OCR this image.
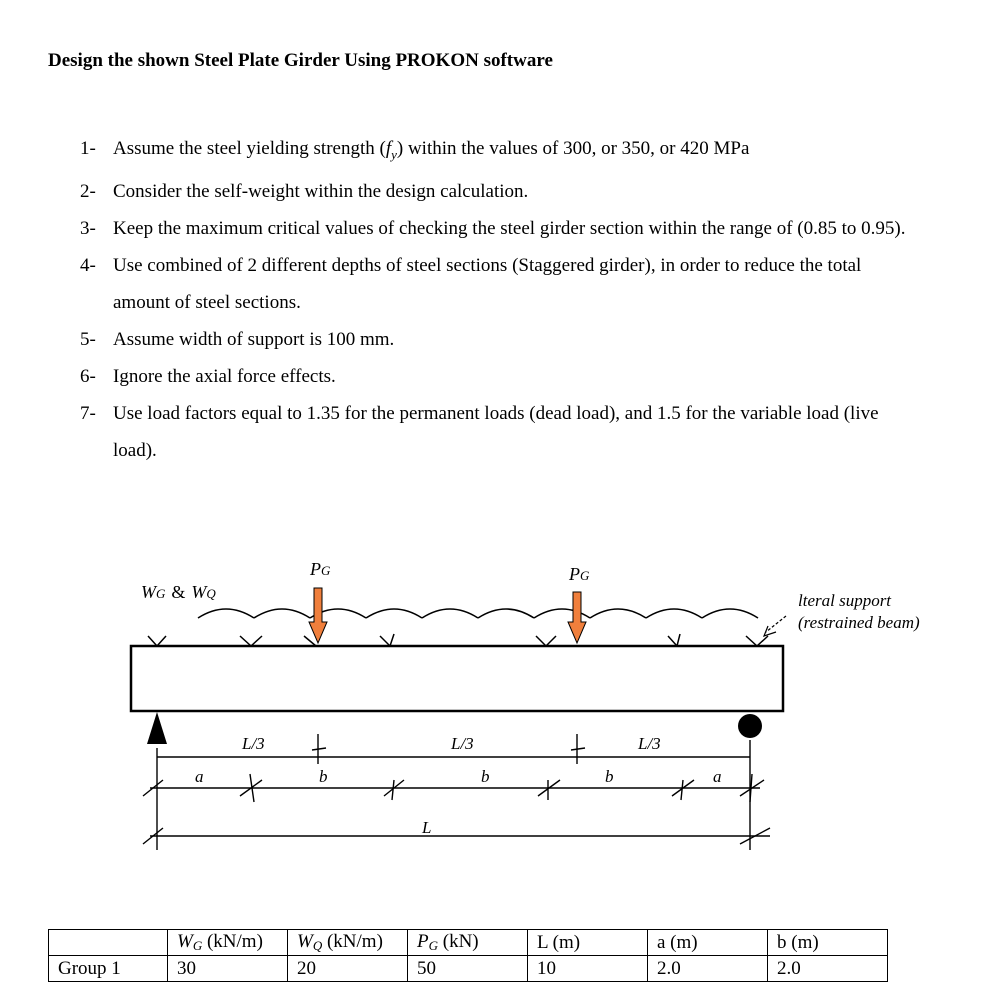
Design the shown Steel Plate Girder Using PROKON software
1- Assume the steel yielding strength $(f_y)$ within the values of 300, or 350, or 420 MPa
2- Consider the self-weight within the design calculation.
3- Keep the maximum critical values of checking the steel girder section within the range of (0.85 to 0.95).
4- Use combined of 2 different depths of steel sections (Staggered girder), in order to reduce the total amount of steel sections.
5- Assume width of support is 100 mm.
6- Ignore the axial force effects.
7- Use load factors equal to 1.35 for the permanent loads (dead load), and 1.5 for the variable load (live load).
WG & WQ
PG	PG
lteral support
(restrained beam)
L/3	L/3	L/3
a	b	b	b	a
L
	WG (kN/m)	WQ (kN/m)	PG (kN)	L (m)	a (m)	b (m)
Group 1	30	20	50	10	2.0	2.0
